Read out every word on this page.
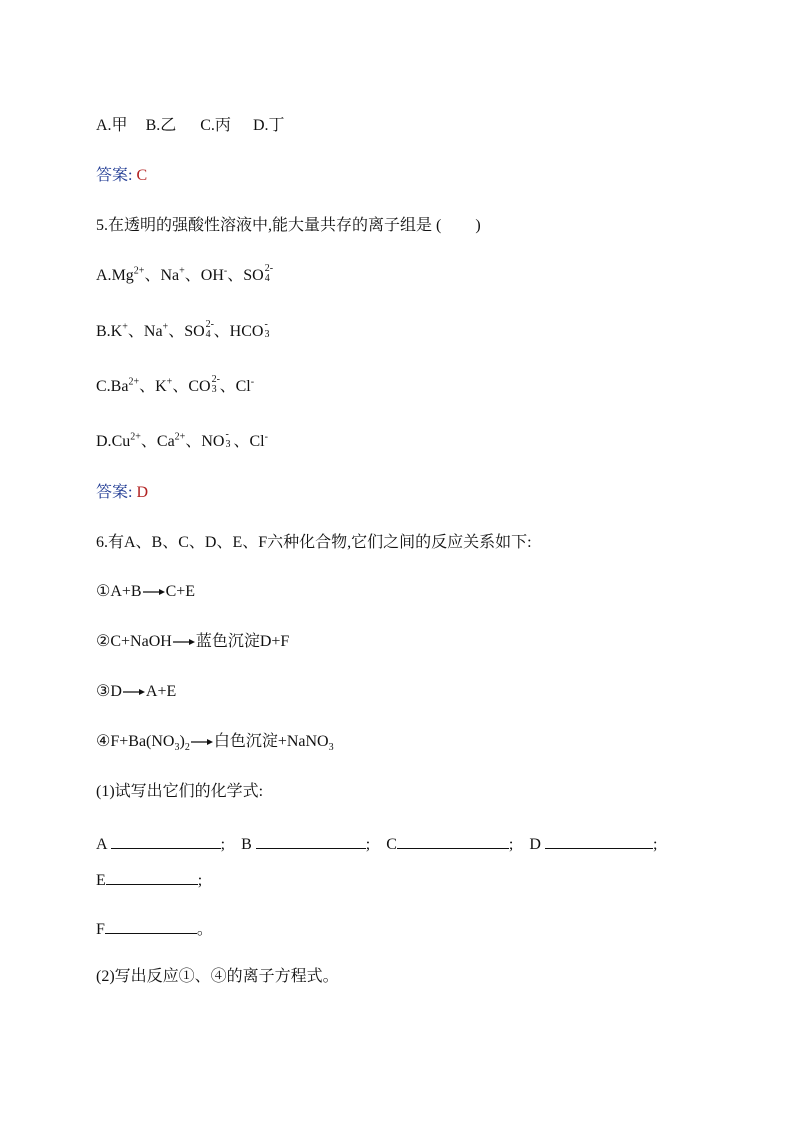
A.甲 B.乙 C.丙 D.丁
答案: C
5.在透明的强酸性溶液中,能大量共存的离子组是 ( )
$A.Mg^{2+}$、Na+、OH-、SO 2-
4
B.K+、Na+、SO 2-
4 、HCO -
3
$C.Ba^{2+}$、K+、CO 2-
3 、Cl-
$D.Cu^{2+}$、$Ca^{2+}$、NO -
3 、Cl-
答案: D
6.有A、B、C、D、E、F六种化合物,它们之间的反应关系如下:
①A+B C+E
②C+NaOH 蓝色沉淀D+F
③D A+E
$④F+Ba(NO_3)_2$ 白色沉淀+NaNO$_3$
(1)试写出它们的化学式:
A	; B	; C	; D	;
E	;
F	。
(2)写出反应①、④的离子方程式。
